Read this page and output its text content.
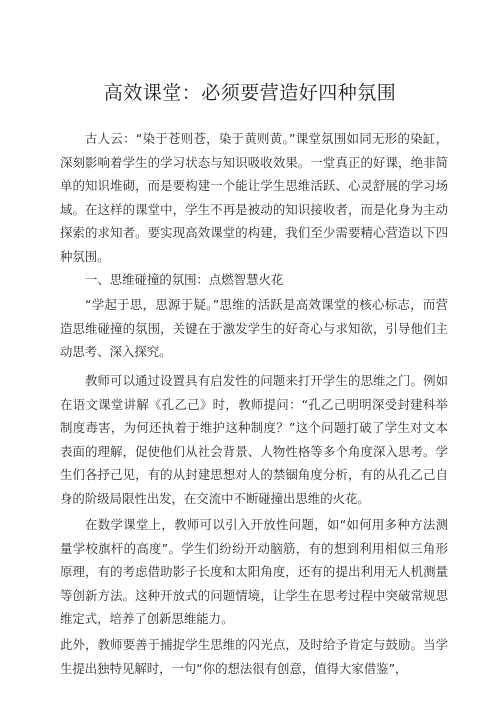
高效课堂：必须要营造好四种氛围

古人云：“染于苍则苍，染于黄则黄。”课堂氛围如同无形的染缸，深刻影响着学生的学习状态与知识吸收效果。一堂真正的好课，绝非简单的知识堆砌，而是要构建一个能让学生思维活跃、心灵舒展的学习场域。在这样的课堂中，学生不再是被动的知识接收者，而是化身为主动探索的求知者。要实现高效课堂的构建，我们至少需要精心营造以下四种氛围。

一、思维碰撞的氛围：点燃智慧火花

“学起于思，思源于疑。”思维的活跃是高效课堂的核心标志，而营造思维碰撞的氛围，关键在于激发学生的好奇心与求知欲，引导他们主动思考、深入探究。

教师可以通过设置具有启发性的问题来打开学生的思维之门。例如在语文课堂讲解《孔乙己》时，教师提问：“孔乙己明明深受封建科举制度毒害，为何还执着于维护这种制度？”这个问题打破了学生对文本表面的理解，促使他们从社会背景、人物性格等多个角度深入思考。学生们各抒己见，有的从封建思想对人的禁锢角度分析，有的从孔乙己自身的阶级局限性出发，在交流中不断碰撞出思维的火花。

在数学课堂上，教师可以引入开放性问题，如“如何用多种方法测量学校旗杆的高度”。学生们纷纷开动脑筋，有的想到利用相似三角形原理，有的考虑借助影子长度和太阳角度，还有的提出利用无人机测量等创新方法。这种开放式的问题情境，让学生在思考过程中突破常规思维定式，培养了创新思维能力。

此外，教师要善于捕捉学生思维的闪光点，及时给予肯定与鼓励。当学生提出独特见解时，一句“你的想法很有创意，值得大家借鉴”，
